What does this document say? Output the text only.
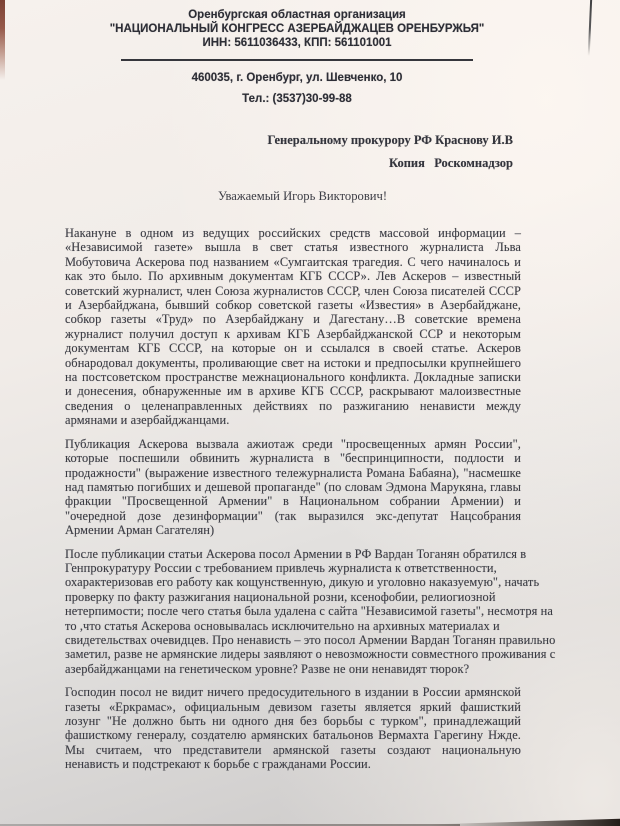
Оренбургская областная организация
"НАЦИОНАЛЬНЫЙ КОНГРЕСС АЗЕРБАЙДЖАЦЕВ ОРЕНБУРЖЬЯ"
ИНН: 5611036433, КПП: 561101001
460035, г. Оренбург, ул. Шевченко, 10
Тел.: (3537)30-99-88
Генеральному прокурору РФ Краснову И.В
Копия   Роскомнадзор
Уважаемый Игорь Викторович!

Накануне в одном из ведущих российских средств массовой информации – «Независимой газете» вышла в свет статья известного журналиста Льва Мобутовича Аскерова под названием «Сумгаитская трагедия. С чего начиналось и как это было. По архивным документам КГБ СССР». Лев Аскеров – известный советский журналист, член Союза журналистов СССР, член Союза писателей СССР и Азербайджана, бывший собкор советской газеты «Известия» в Азербайджане, собкор газеты «Труд» по Азербайджану и Дагестану…В советские времена журналист получил доступ к архивам КГБ Азербайджанской ССР и некоторым документам КГБ СССР, на которые он и ссылался в своей статье. Аскеров обнародовал документы, проливающие свет на истоки и предпосылки крупнейшего на постсоветском пространстве межнационального конфликта. Докладные записки и донесения, обнаруженные им в архиве КГБ СССР, раскрывают малоизвестные сведения о целенаправленных действиях по разжиганию ненависти между армянами и азербайджанцами.

Публикация Аскерова вызвала ажиотаж среди "просвещенных армян России", которые поспешили обвинить журналиста в "беспринципности, подлости и продажности" (выражение известного тележурналиста Романа Бабаяна), "насмешке над памятью погибших и дешевой пропаганде" (по словам Эдмона Марукяна, главы фракции "Просвещенной Армении" в Национальном собрании Армении) и "очередной дозе дезинформации" (так выразился экс-депутат Нацсобрания Армении Арман Сагателян)

После публикации статьи Аскерова посол Армении в РФ Вардан Тоганян обратился в Генпрокуратуру России с требованием привлечь журналиста к ответственности, охарактеризовав его работу как кощунственную, дикую и уголовно наказуемую", начать проверку по факту разжигания национальной розни, ксенофобии, релиогиозной нетерпимости; после чего статья была удалена с сайта "Независимой газеты", несмотря на то ,что статья Аскерова основывалась исключительно на архивных материалах и свидетельствах очевидцев. Про ненависть – это посол Армении Вардан Тоганян правильно заметил, разве не армянские лидеры заявляют о невозможности совместного проживания с азербайджанцами на генетическом уровне? Разве не они ненавидят тюрок?

Господин посол не видит ничего предосудительного в издании в России армянской газеты «Еркрамас», официальным девизом газеты является яркий фашисткий лозунг "Не должно быть ни одного дня без борьбы с турком", принадлежащий фашисткому генералу, создателю армянских батальонов Вермахта Гарегину Нжде. Мы считаем, что представители армянской газеты создают национальную ненависть и подстрекают к борьбе с гражданами России.
